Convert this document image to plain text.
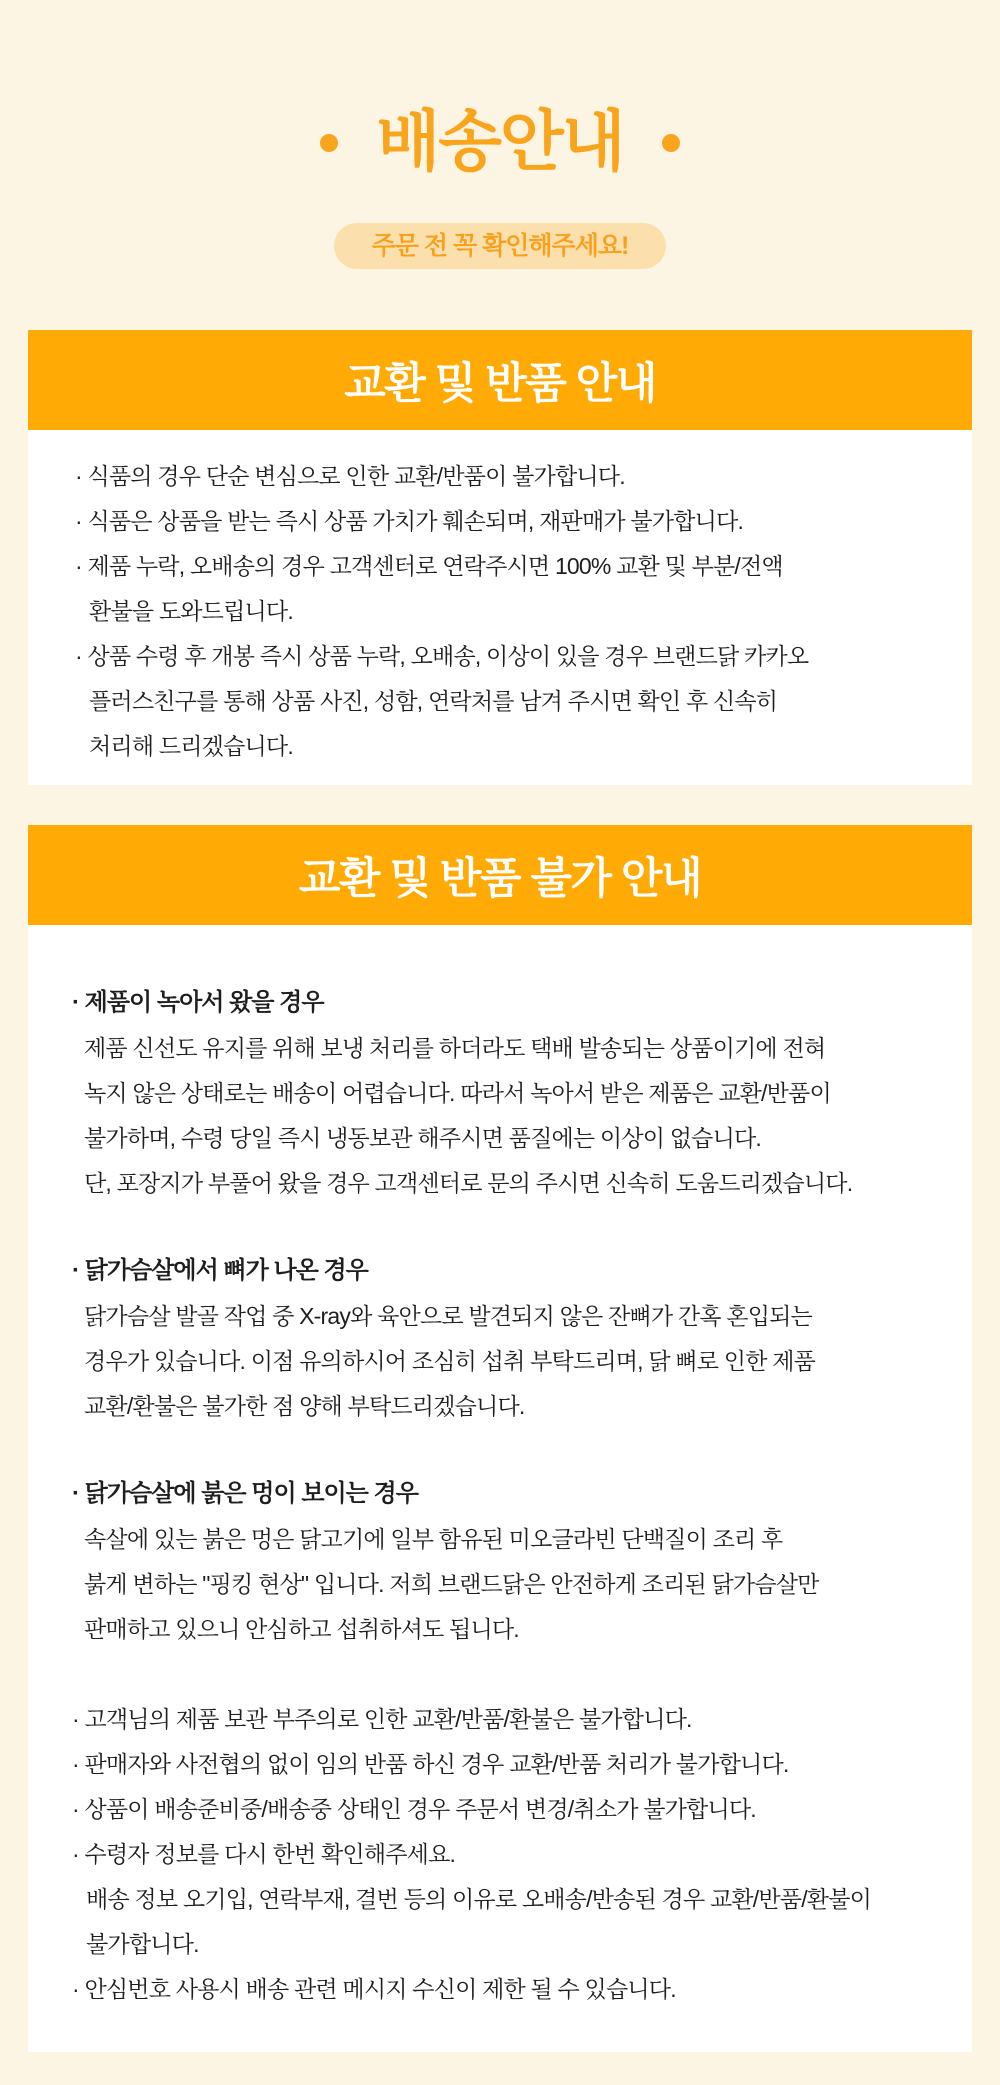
배송안내
주문 전 꼭 확인해주세요!
교환 및 반품 안내

· 식품의 경우 단순 변심으로 인한 교환/반품이 불가합니다.

· 식품은 상품을 받는 즉시 상품 가치가 훼손되며, 재판매가 불가합니다.

· 제품 누락, 오배송의 경우 고객센터로 연락주시면 100% 교환 및 부분/전액

환불을 도와드립니다.

· 상품 수령 후 개봉 즉시 상품 누락, 오배송, 이상이 있을 경우 브랜드닭 카카오

플러스친구를 통해 상품 사진, 성함, 연락처를 남겨 주시면 확인 후 신속히

처리해 드리겠습니다.

교환 및 반품 불가 안내

· 제품이 녹아서 왔을 경우

제품 신선도 유지를 위해 보냉 처리를 하더라도 택배 발송되는 상품이기에 전혀

녹지 않은 상태로는 배송이 어렵습니다. 따라서 녹아서 받은 제품은 교환/반품이

불가하며, 수령 당일 즉시 냉동보관 해주시면 품질에는 이상이 없습니다.

단, 포장지가 부풀어 왔을 경우 고객센터로 문의 주시면 신속히 도움드리겠습니다.

· 닭가슴살에서 뼈가 나온 경우

닭가슴살 발골 작업 중 X-ray와 육안으로 발견되지 않은 잔뼈가 간혹 혼입되는

경우가 있습니다. 이점 유의하시어 조심히 섭취 부탁드리며, 닭 뼈로 인한 제품

교환/환불은 불가한 점 양해 부탁드리겠습니다.

· 닭가슴살에 붉은 멍이 보이는 경우

속살에 있는 붉은 멍은 닭고기에 일부 함유된 미오글라빈 단백질이 조리 후

붉게 변하는 "핑킹 현상" 입니다. 저희 브랜드닭은 안전하게 조리된 닭가슴살만

판매하고 있으니 안심하고 섭취하셔도 됩니다.

· 고객님의 제품 보관 부주의로 인한 교환/반품/환불은 불가합니다.

· 판매자와 사전협의 없이 임의 반품 하신 경우 교환/반품 처리가 불가합니다.

· 상품이 배송준비중/배송중 상태인 경우 주문서 변경/취소가 불가합니다.

· 수령자 정보를 다시 한번 확인해주세요.

배송 정보 오기입, 연락부재, 결번 등의 이유로 오배송/반송된 경우 교환/반품/환불이

불가합니다.

· 안심번호 사용시 배송 관련 메시지 수신이 제한 될 수 있습니다.
